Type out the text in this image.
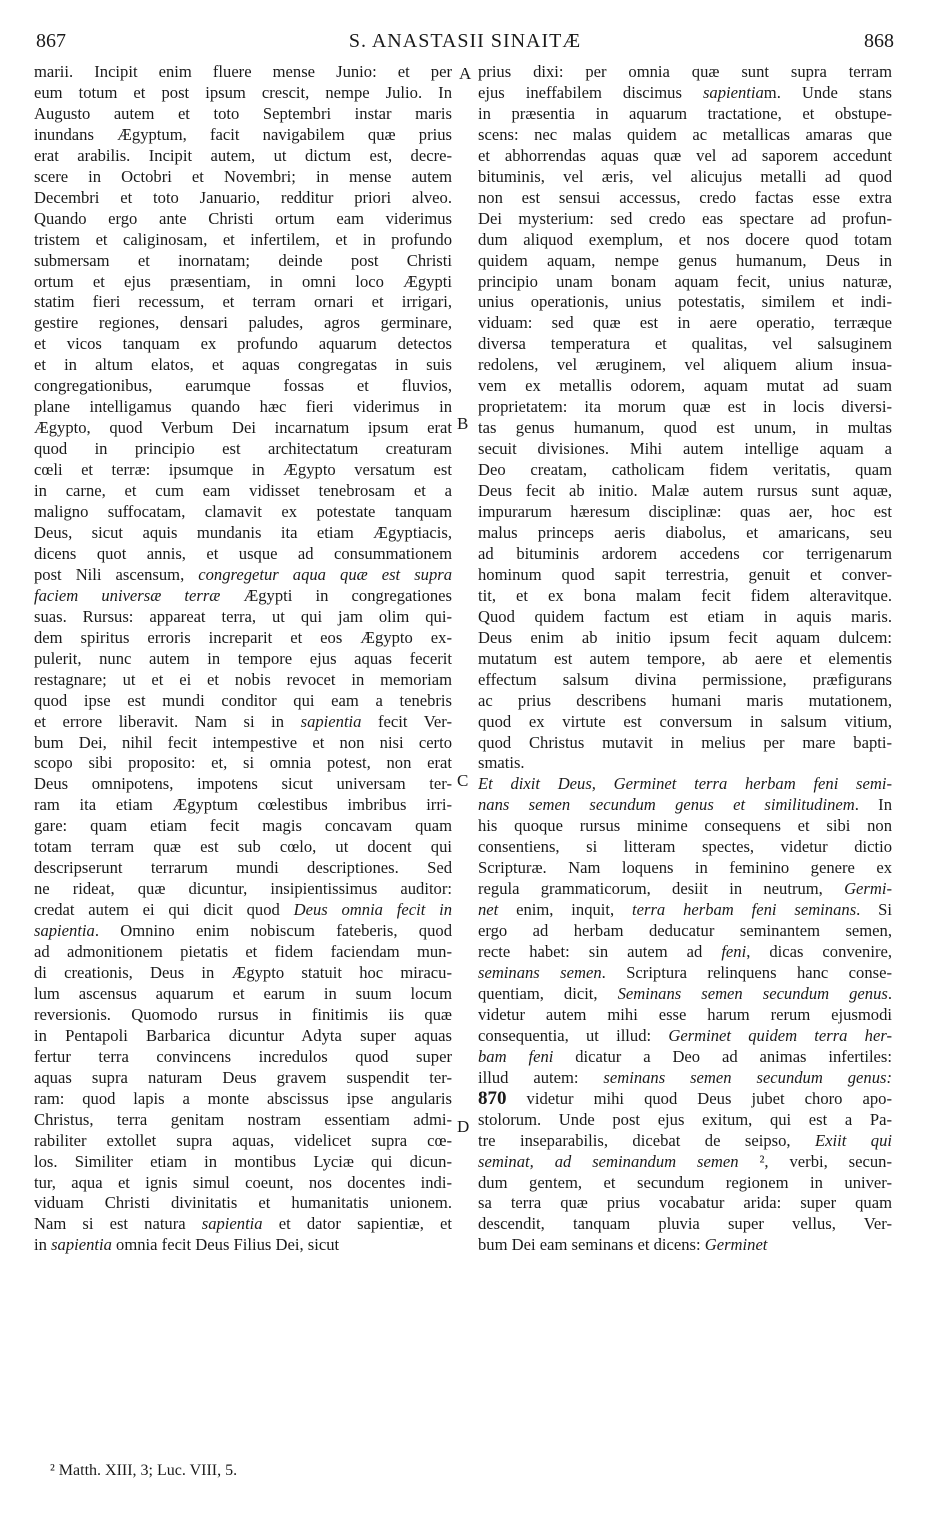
867	S. ANASTASII SINAITÆ	868
marii. Incipit enim fluere mense Junio: et per
eum totum et post ipsum crescit, nempe Julio. In
Augusto autem et toto Septembri instar maris
inundans Ægyptum, facit navigabilem quæ prius
erat arabilis. Incipit autem, ut dictum est, decre-
scere in Octobri et Novembri; in mense autem
Decembri et toto Januario, redditur priori alveo.
Quando ergo ante Christi ortum eam viderimus
tristem et caliginosam, et infertilem, et in profundo
submersam et inornatam; deinde post Christi
ortum et ejus præsentiam, in omni loco Ægypti
statim fieri recessum, et terram ornari et irrigari,
gestire regiones, densari paludes, agros germinare,
et vicos tanquam ex profundo aquarum detectos
et in altum elatos, et aquas congregatas in suis
congregationibus, earumque fossas et fluvios,
plane intelligamus quando hæc fieri viderimus in
Ægypto, quod Verbum Dei incarnatum ipsum erat
quod in principio est architectatum creaturam
cœli et terræ: ipsumque in Ægypto versatum est
in carne, et cum eam vidisset tenebrosam et a
maligno suffocatam, clamavit ex potestate tanquam
Deus, sicut aquis mundanis ita etiam Ægyptiacis,
dicens quot annis, et usque ad consummationem
post Nili ascensum, congregetur aqua quæ est supra
faciem universæ terræ Ægypti in congregationes
suas. Rursus: appareat terra, ut qui jam olim qui-
dem spiritus erroris increparit et eos Ægypto ex-
pulerit, nunc autem in tempore ejus aquas fecerit
restagnare; ut et ei et nobis revocet in memoriam
quod ipse est mundi conditor qui eam a tenebris
et errore liberavit. Nam si in sapientia fecit Ver-
bum Dei, nihil fecit intempestive et non nisi certo
scopo sibi proposito: et, si omnia potest, non erat
Deus omnipotens, impotens sicut universam ter-
ram ita etiam Ægyptum cœlestibus imbribus irri-
gare: quam etiam fecit magis concavam quam
totam terram quæ est sub cœlo, ut docent qui
descripserunt terrarum mundi descriptiones. Sed
ne rideat, quæ dicuntur, insipientissimus auditor:
credat autem ei qui dicit quod Deus omnia fecit in
sapientia. Omnino enim nobiscum fateberis, quod
ad admonitionem pietatis et fidem faciendam mun-
di creationis, Deus in Ægypto statuit hoc miracu-
lum ascensus aquarum et earum in suum locum
reversionis. Quomodo rursus in finitimis iis quæ
in Pentapoli Barbarica dicuntur Adyta super aquas
fertur terra convincens incredulos quod super
aquas supra naturam Deus gravem suspendit ter-
ram: quod lapis a monte abscissus ipse angularis
Christus, terra genitam nostram essentiam admi-
rabiliter extollet supra aquas, videlicet supra cœ-
los. Similiter etiam in montibus Lyciæ qui dicun-
tur, aqua et ignis simul coeunt, nos docentes indi-
viduam Christi divinitatis et humanitatis unionem.
Nam si est natura sapientia et dator sapientiæ, et
in sapientia omnia fecit Deus Filius Dei, sicut
prius dixi: per omnia quæ sunt supra terram
ejus ineffabilem discimus sapientiam. Unde stans
in præsentia in aquarum tractatione, et obstupe-
scens: nec malas quidem ac metallicas amaras que
et abhorrendas aquas quæ vel ad saporem accedunt
bituminis, vel æris, vel alicujus metalli ad quod
non est sensui accessus, credo factas esse extra
Dei mysterium: sed credo eas spectare ad profun-
dum aliquod exemplum, et nos docere quod totam
quidem aquam, nempe genus humanum, Deus in
principio unam bonam aquam fecit, unius naturæ,
unius operationis, unius potestatis, similem et indi-
viduam: sed quæ est in aere operatio, terræque
diversa temperatura et qualitas, vel salsuginem
redolens, vel æruginem, vel aliquem alium insua-
vem ex metallis odorem, aquam mutat ad suam
proprietatem: ita morum quæ est in locis diversi-
tas genus humanum, quod est unum, in multas
secuit divisiones. Mihi autem intellige aquam a
Deo creatam, catholicam fidem veritatis, quam
Deus fecit ab initio. Malæ autem rursus sunt aquæ,
impurarum hæresum disciplinæ: quas aer, hoc est
malus princeps aeris diabolus, et amaricans, seu
ad bituminis ardorem accedens cor terrigenarum
hominum quod sapit terrestria, genuit et conver-
tit, et ex bona malam fecit fidem alteravitque.
Quod quidem factum est etiam in aquis maris.
Deus enim ab initio ipsum fecit aquam dulcem:
mutatum est autem tempore, ab aere et elementis
effectum salsum divina permissione, præfigurans
ac prius describens humani maris mutationem,
quod ex virtute est conversum in salsum vitium,
quod Christus mutavit in melius per mare bapti-
smatis.
Et dixit Deus, Germinet terra herbam feni semi-
nans semen secundum genus et similitudinem. In
his quoque rursus minime consequens et sibi non
consentiens, si litteram spectes, videtur dictio
Scripturæ. Nam loquens in feminino genere ex
regula grammaticorum, desiit in neutrum, Germi-
net enim, inquit, terra herbam feni seminans. Si
ergo ad herbam deducatur seminantem semen,
recte habet: sin autem ad feni, dicas convenire,
seminans semen. Scriptura relinquens hanc conse-
quentiam, dicit, Seminans semen secundum genus.
videtur autem mihi esse harum rerum ejusmodi
consequentia, ut illud: Germinet quidem terra her-
bam feni dicatur a Deo ad animas infertiles:
illud autem: seminans semen secundum genus:
870 videtur mihi quod Deus jubet choro apo-
stolorum. Unde post ejus exitum, qui est a Pa-
tre inseparabilis, dicebat de seipso, Exiit qui
seminat, ad seminandum semen ², verbi, secun-
dum gentem, et secundum regionem in univer-
sa terra quæ prius vocabatur arida: super quam
descendit, tanquam pluvia super vellus, Ver-
bum Dei eam seminans et dicens: Germinet
A
B
C
D
² Matth. XIII, 3; Luc. VIII, 5.
